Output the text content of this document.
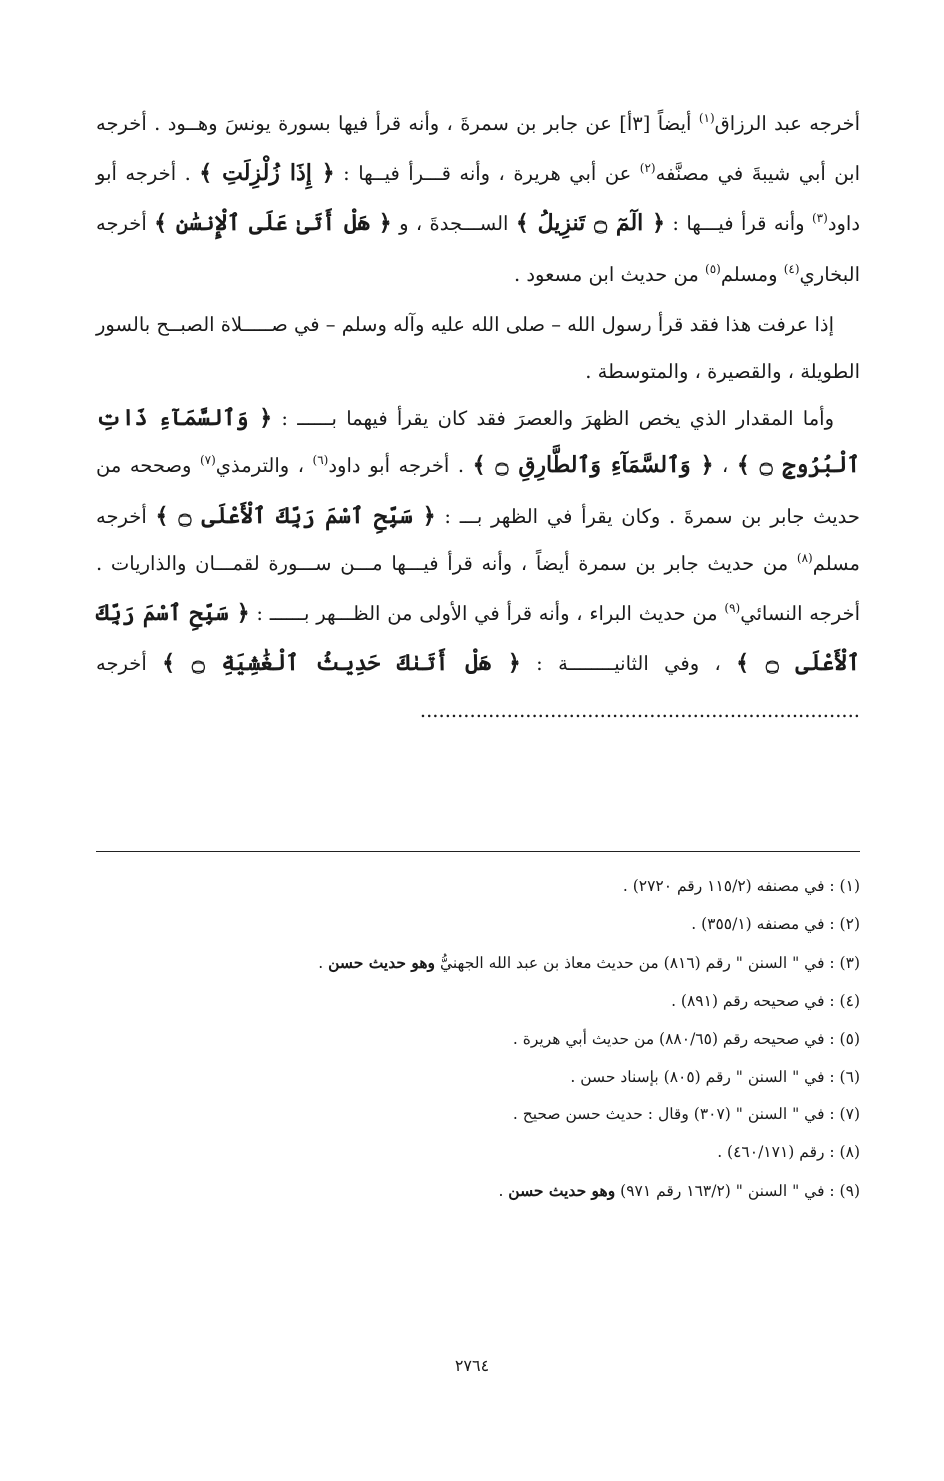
أخرجه عبد الرزاق$^{(١)}$ أيضاً [٣أ] عن جابر بن سمرةَ ، وأنه قرأ فيها بسورة يونسَ وهــود . أخرجه ابن أبي شيبةَ في مصنَّفه$^{(٢)}$ عن أبي هريرة ، وأنه قـــرأ فيــها : ﴿ إِذَا زُلْزِلَتِ ﴾ . أخرجه أبو داود$^{(٣)}$ وأنه قرأ فيـــها : ﴿ الٓمٓ ۝ تَنزِيلُ ﴾ الســـجدةَ ، و ﴿ هَلْ أَتَىٰ عَلَى ٱلْإِنسَٰنِ ﴾ أخرجه البخاري$^{(٤)}$ ومسلم$^{(٥)}$ من حديث ابن مسعود .

إذا عرفت هذا فقد قرأ رسول الله – صلى الله عليه وآله وسلم – في صـــــلاة الصبــح بالسور الطويلة ، والقصيرة ، والمتوسطة .

وأما المقدار الذي يخص الظهرَ والعصرَ فقد كان يقرأ فيهما بــــــ : ﴿ وَٱلسَّمَآءِ ذَاتِ ٱلْبُرُوجِ ۝ ﴾ ، ﴿ وَٱلسَّمَآءِ وَٱلطَّارِقِ ۝ ﴾ . أخرجه أبو داود$^{(٦)}$ ، والترمذي$^{(٧)}$ وصححه من حديث جابر بن سمرةَ . وكان يقرأ في الظهر بـــ : ﴿ سَبِّحِ ٱسْمَ رَبِّكَ ٱلْأَعْلَى ۝ ﴾ أخرجه مسلم$^{(٨)}$ من حديث جابر بن سمرة أيضاً ، وأنه قرأ فيـــها مـــن ســـورة لقمـــان والذاريات . أخرجه النسائي$^{(٩)}$ من حديث البراء ، وأنه قرأ في الأولى من الظـــهر بــــــ : ﴿ سَبِّحِ ٱسْمَ رَبِّكَ ٱلْأَعْلَى ۝ ﴾ ، وفي الثانيــــــــة : ﴿ هَلْ أَتَىٰكَ حَدِيثُ ٱلْغَٰشِيَةِ ۝ ﴾ أخرجه .......................................................................

(١) : في مصنفه (١١٥/٢ رقم ٢٧٢٠) .
(٢) : في مصنفه (٣٥٥/١) .
(٣) : في " السنن " رقم (٨١٦) من حديث معاذ بن عبد الله الجهنيُّ وهو حديث حسن .
(٤) : في صحيحه رقم (٨٩١) .
(٥) : في صحيحه رقم (٨٨٠/٦٥) من حديث أبي هريرة .
(٦) : في " السنن " رقم (٨٠٥) بإسناد حسن .
(٧) : في " السنن " (٣٠٧) وقال : حديث حسن صحيح .
(٨) : رقم (٤٦٠/١٧١) .
(٩) : في " السنن " (١٦٣/٢ رقم ٩٧١) وهو حديث حسن .
٢٧٦٤
